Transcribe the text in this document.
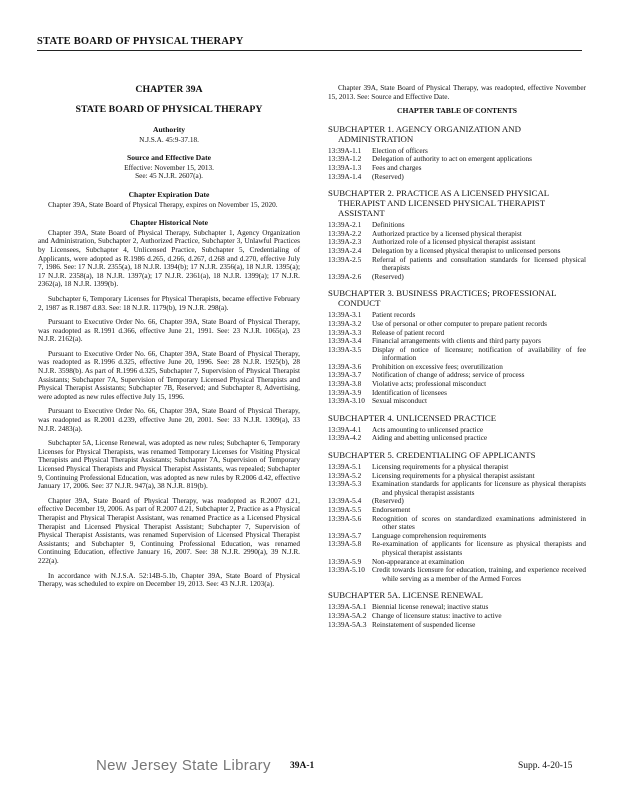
STATE BOARD OF PHYSICAL THERAPY

CHAPTER 39A

STATE BOARD OF PHYSICAL THERAPY

Authority

N.J.S.A. 45:9-37.18.

Source and Effective Date

Effective: November 15, 2013.

See: 45 N.J.R. 2607(a).

Chapter Expiration Date

Chapter 39A, State Board of Physical Therapy, expires on November 15, 2020.

Chapter Historical Note

Chapter 39A, State Board of Physical Therapy, Subchapter 1, Agency Organization and Administration, Subchapter 2, Authorized Practice, Subchapter 3, Unlawful Practices by Licensees, Subchapter 4, Unlicensed Practice, Subchapter 5, Credentialing of Applicants, were adopted as R.1986 d.265, d.266, d.267, d.268 and d.270, effective July 7, 1986. See: 17 N.J.R. 2355(a), 18 N.J.R. 1394(b); 17 N.J.R. 2356(a), 18 N.J.R. 1395(a); 17 N.J.R. 2358(a), 18 N.J.R. 1397(a); 17 N.J.R. 2361(a), 18 N.J.R. 1399(a); 17 N.J.R. 2362(a), 18 N.J.R. 1399(b).

Subchapter 6, Temporary Licenses for Physical Therapists, became effective February 2, 1987 as R.1987 d.83. See: 18 N.J.R. 1179(b), 19 N.J.R. 298(a).

Pursuant to Executive Order No. 66, Chapter 39A, State Board of Physical Therapy, was readopted as R.1991 d.366, effective June 21, 1991. See: 23 N.J.R. 1065(a), 23 N.J.R. 2162(a).

Pursuant to Executive Order No. 66, Chapter 39A, State Board of Physical Therapy, was readopted as R.1996 d.325, effective June 20, 1996. See: 28 N.J.R. 1925(b), 28 N.J.R. 3598(b). As part of R.1996 d.325, Subchapter 7, Supervision of Physical Therapist Assistants; Subchapter 7A, Supervision of Temporary Licensed Physical Therapists and Physical Therapist Assistants; Subchapter 7B, Reserved; and Subchapter 8, Advertising, were adopted as new rules effective July 15, 1996.

Pursuant to Executive Order No. 66, Chapter 39A, State Board of Physical Therapy, was readopted as R.2001 d.239, effective June 20, 2001. See: 33 N.J.R. 1309(a), 33 N.J.R. 2483(a).

Subchapter 5A, License Renewal, was adopted as new rules; Subchapter 6, Temporary Licenses for Physical Therapists, was renamed Temporary Licenses for Visiting Physical Therapists and Physical Therapist Assistants; Subchapter 7A, Supervision of Temporary Licensed Physical Therapists and Physical Therapist Assistants, was repealed; Subchapter 9, Continuing Professional Education, was adopted as new rules by R.2006 d.42, effective January 17, 2006. See: 37 N.J.R. 947(a), 38 N.J.R. 819(b).

Chapter 39A, State Board of Physical Therapy, was readopted as R.2007 d.21, effective December 19, 2006. As part of R.2007 d.21, Subchapter 2, Practice as a Physical Therapist and Physical Therapist Assistant, was renamed Practice as a Licensed Physical Therapist and Licensed Physical Therapist Assistant; Subchapter 7, Supervision of Physical Therapist Assistants, was renamed Supervision of Licensed Physical Therapist Assistants; and Subchapter 9, Continuing Professional Education, was renamed Continuing Education, effective January 16, 2007. See: 38 N.J.R. 2990(a), 39 N.J.R. 222(a).

In accordance with N.J.S.A. 52:14B-5.1b, Chapter 39A, State Board of Physical Therapy, was scheduled to expire on December 19, 2013. See: 43 N.J.R. 1203(a).

Chapter 39A, State Board of Physical Therapy, was readopted, effective November 15, 2013. See: Source and Effective Date.

CHAPTER TABLE OF CONTENTS

SUBCHAPTER 1. AGENCY ORGANIZATION AND ADMINISTRATION

13:39A-1.1	Election of officers
13:39A-1.2	Delegation of authority to act on emergent applications
13:39A-1.3	Fees and charges
13:39A-1.4	(Reserved)

SUBCHAPTER 2. PRACTICE AS A LICENSED PHYSICAL THERAPIST AND LICENSED PHYSICAL THERAPIST ASSISTANT

13:39A-2.1	Definitions
13:39A-2.2	Authorized practice by a licensed physical therapist
13:39A-2.3	Authorized role of a licensed physical therapist assistant
13:39A-2.4	Delegation by a licensed physical therapist to unlicensed persons
13:39A-2.5	Referral of patients and consultation standards for licensed physical therapists
13:39A-2.6	(Reserved)

SUBCHAPTER 3. BUSINESS PRACTICES; PROFESSIONAL CONDUCT

13:39A-3.1	Patient records
13:39A-3.2	Use of personal or other computer to prepare patient records
13:39A-3.3	Release of patient record
13:39A-3.4	Financial arrangements with clients and third party payors
13:39A-3.5	Display of notice of licensure; notification of availability of fee information
13:39A-3.6	Prohibition on excessive fees; overutilization
13:39A-3.7	Notification of change of address; service of process
13:39A-3.8	Violative acts; professional misconduct
13:39A-3.9	Identification of licensees
13:39A-3.10 Sexual misconduct

SUBCHAPTER 4. UNLICENSED PRACTICE

13:39A-4.1	Acts amounting to unlicensed practice
13:39A-4.2	Aiding and abetting unlicensed practice

SUBCHAPTER 5. CREDENTIALING OF APPLICANTS

13:39A-5.1	Licensing requirements for a physical therapist
13:39A-5.2	Licensing requirements for a physical therapist assistant
13:39A-5.3	Examination standards for applicants for licensure as physical therapists and physical therapist assistants
13:39A-5.4	(Reserved)
13:39A-5.5	Endorsement
13:39A-5.6	Recognition of scores on standardized examinations administered in other states
13:39A-5.7	Language comprehension requirements
13:39A-5.8	Re-examination of applicants for licensure as physical therapists and physical therapist assistants
13:39A-5.9	Non-appearance at examination
13:39A-5.10 Credit towards licensure for education, training, and experience received while serving as a member of the Armed Forces

SUBCHAPTER 5A. LICENSE RENEWAL

13:39A-5A.1 Biennial license renewal; inactive status
13:39A-5A.2 Change of licensure status: inactive to active
13:39A-5A.3 Reinstatement of suspended license
New Jersey State Library 39A-1	Supp. 4-20-15
